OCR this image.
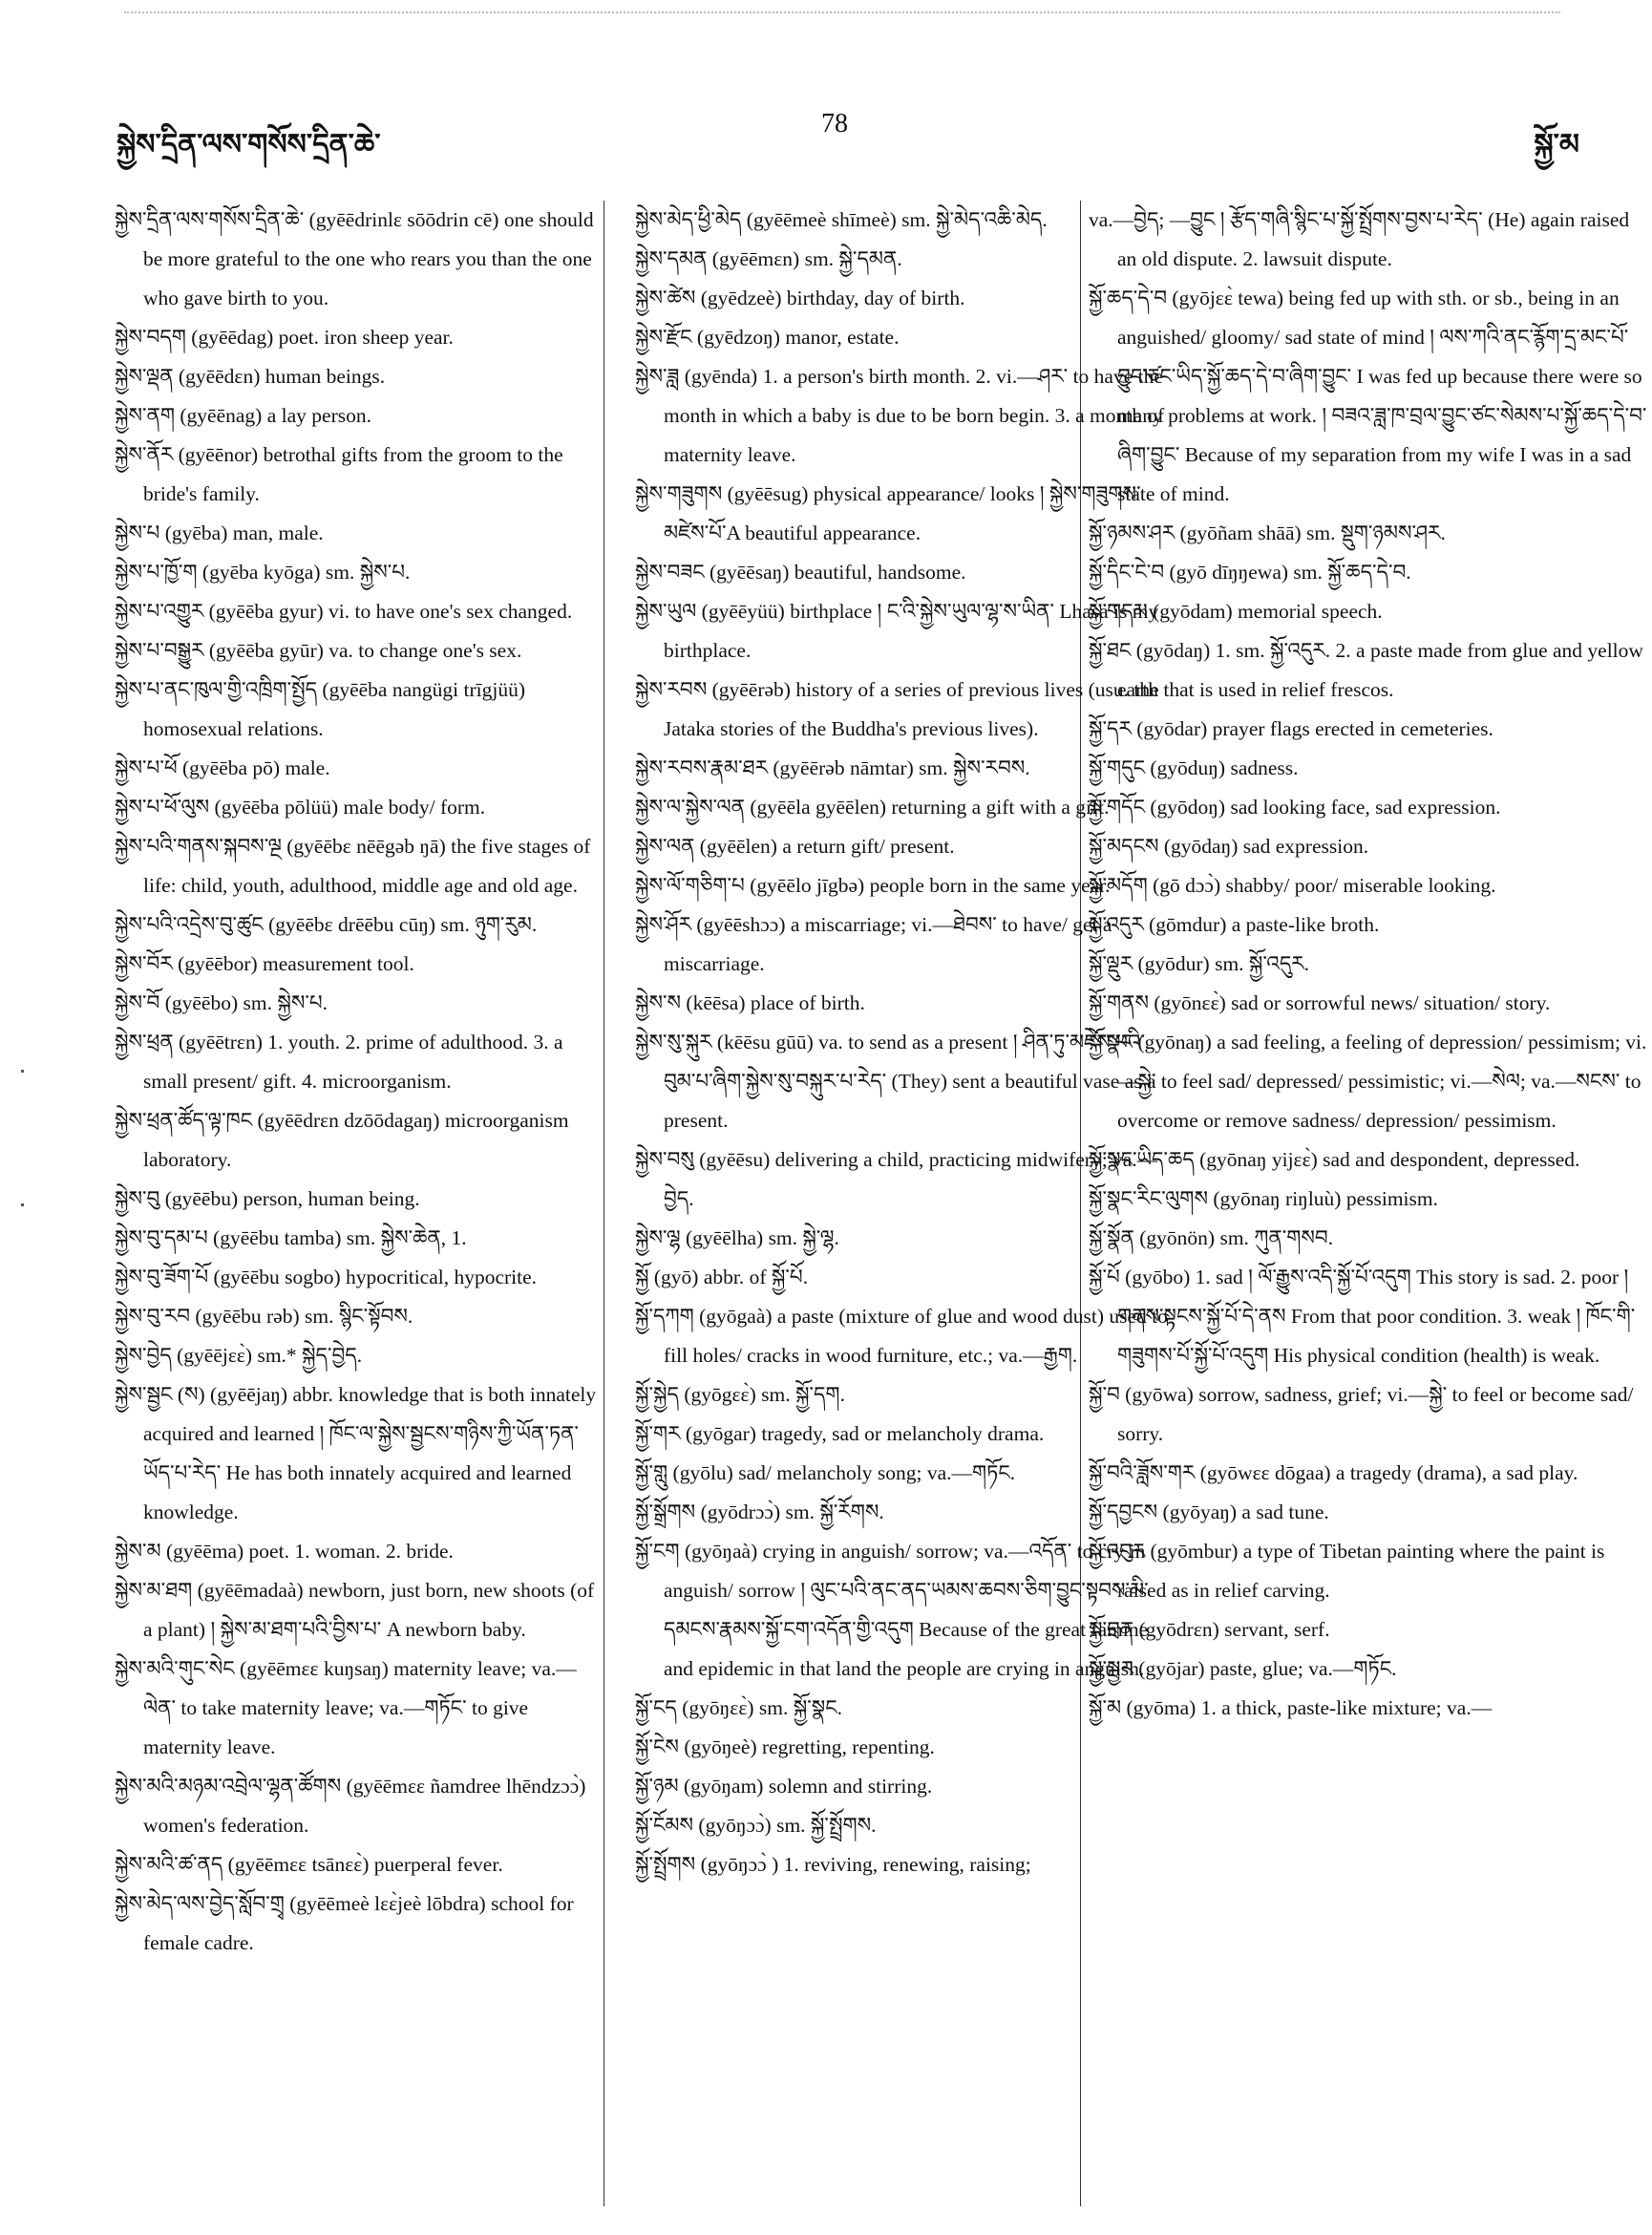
སྐྱེས་དྲིན་ལས་གསོས་དྲིན་ཆེ་
78
སྐྱོ་མ

སྐྱེས་དྲིན་ལས་གསོས་དྲིན་ཆེ་ (gyēēdrinlɛ sōōdrin cē) one should be more grateful to the one who rears you than the one who gave birth to you.

སྐྱེས་བདག (gyēēdag) poet. iron sheep year.

སྐྱེས་ལྡན (gyēēdɛn) human beings.

སྐྱེས་ནག (gyēēnag) a lay person.

སྐྱེས་ནོར (gyēēnor) betrothal gifts from the groom to the bride's family.

སྐྱེས་པ (gyēba) man, male.

སྐྱེས་པ་ཁྱོ་ག (gyēba kyōga) sm. སྐྱེས་པ.

སྐྱེས་པ་འགྱུར (gyēēba gyur) vi. to have one's sex changed.

སྐྱེས་པ་བསྒྱུར (gyēēba gyūr) va. to change one's sex.

སྐྱེས་པ་ནང་ཁུལ་གྱི་འཁྲིག་སྤྱོད (gyēēba nangügi trīgjüü) homosexual relations.

སྐྱེས་པ་ཕོ (gyēēba pō) male.

སྐྱེས་པ་ཕོ་ལུས (gyēēba pōlüü) male body/ form.

སྐྱེས་པའི་གནས་སྐབས་ལྔ (gyēēbɛ nēēgəb ŋā) the five stages of life: child, youth, adulthood, middle age and old age.

སྐྱེས་པའི་འདྲེས་བུ་ཚུང (gyēēbɛ drēēbu cūŋ) sm. ཉུག་རུམ.

སྐྱེས་བོར (gyēēbor) measurement tool.

སྐྱེས་བོ (gyēēbo) sm. སྐྱེས་པ.

སྐྱེས་ཕྲན (gyēētrɛn) 1. youth. 2. prime of adulthood. 3. a small present/ gift. 4. microorganism.

སྐྱེས་ཕྲན་ཚོད་ལྟ་ཁང (gyēēdrɛn dzōōdagaŋ) microorganism laboratory.

སྐྱེས་བུ (gyēēbu) person, human being.

སྐྱེས་བུ་དམ་པ (gyēēbu tamba) sm. སྐྱེས་ཆེན, 1.

སྐྱེས་བུ་ཟོག་པོ (gyēēbu sogbo) hypocritical, hypocrite.

སྐྱེས་བུ་རབ (gyēēbu rəb) sm. སྙིང་སྟོབས.

སྐྱེས་བྱེད (gyēējɛɛ̀) sm.* སྐྱེད་བྱེད.

སྐྱེས་སྦྱང (ས) (gyēējaŋ) abbr. knowledge that is both innately acquired and learned ། ཁོང་ལ་སྐྱེས་སྦྱངས་གཉིས་ཀྱི་ཡོན་ཏན་ཡོད་པ་རེད་ He has both innately acquired and learned knowledge.

སྐྱེས་མ (gyēēma) poet. 1. woman. 2. bride.

སྐྱེས་མ་ཐག (gyēēmadaà) newborn, just born, new shoots (of a plant) ། སྐྱེས་མ་ཐག་པའི་བྱིས་པ་ A newborn baby.

སྐྱེས་མའི་གུང་སེང (gyēēmɛɛ kuŋsaŋ) maternity leave; va.—ལེན་ to take maternity leave; va.—གཏོང་ to give maternity leave.

སྐྱེས་མའི་མཉམ་འབྲེལ་ལྷན་ཚོགས (gyēēmɛɛ ñamdree lhēndzɔɔ̀) women's federation.

སྐྱེས་མའི་ཚ་ནད (gyēēmɛɛ tsānɛɛ̀) puerperal fever.

སྐྱེས་མེད་ལས་བྱེད་སློབ་གྲྭ (gyēēmeè lɛɛ̀jeè lōbdra) school for female cadre.

སྐྱེས་མེད་ཕྱི་མེད (gyēēmeè shīmeè) sm. སྐྱེ་མེད་འཆི་མེད.

སྐྱེས་དམན (gyēēmɛn) sm. སྐྱེ་དམན.

སྐྱེས་ཚེས (gyēdzeè) birthday, day of birth.

སྐྱེས་རྫོང (gyēdzoŋ) manor, estate.

སྐྱེས་ཟླ (gyēnda) 1. a person's birth month. 2. vi.—ཤར་ to have the month in which a baby is due to be born begin. 3. a month of maternity leave.

སྐྱེས་གཟུགས (gyēēsug) physical appearance/ looks ། སྐྱེས་གཟུགས་མཛེས་པོ་A beautiful appearance.

སྐྱེས་བཟང (gyēēsaŋ) beautiful, handsome.

སྐྱེས་ཡུལ (gyēēyüü) birthplace ། ང་འི་སྐྱེས་ཡུལ་ལྷ་ས་ཡིན་ Lhasa is my birthplace.

སྐྱེས་རབས (gyēērəb) history of a series of previous lives (usu. the Jataka stories of the Buddha's previous lives).

སྐྱེས་རབས་རྣམ་ཐར (gyēērəb nāmtar) sm. སྐྱེས་རབས.

སྐྱེས་ལ་སྐྱེས་ལན (gyēēla gyēēlen) returning a gift with a gift.

སྐྱེས་ལན (gyēēlen) a return gift/ present.

སྐྱེས་ལོ་གཅིག་པ (gyēēlo jīgbə) people born in the same year.

སྐྱེས་ཤོར (gyēēshɔɔ) a miscarriage; vi.—ཐེབས་ to have/ get a miscarriage.

སྐྱེས་ས (kēēsa) place of birth.

སྐྱེས་སུ་སྐུར (kēēsu gūū) va. to send as a present ། ཤིན་ཏུ་མཛེས་པའི་བུམ་པ་ཞིག་སྐྱེས་སུ་བསྐུར་པ་རེད་ (They) sent a beautiful vase as a present.

སྐྱེས་བསུ (gyēēsu) delivering a child, practicing midwifery; va.—བྱེད.

སྐྱེས་ལྷ (gyēēlha) sm. སྐྱེ་ལྷ.

སྐྱོ (gyō) abbr. of སྐྱོ་པོ.

སྐྱོ་དཀག (gyōgaà) a paste (mixture of glue and wood dust) used to fill holes/ cracks in wood furniture, etc.; va.—རྒྱག.

སྐྱོ་སྐྱེད (gyōgɛɛ̀) sm. སྐྱོ་དག.

སྐྱོ་གར (gyōgar) tragedy, sad or melancholy drama.

སྐྱོ་གླུ (gyōlu) sad/ melancholy song; va.—གཏོང.

སྐྱོ་སྒྲོགས (gyōdrɔɔ̀) sm. སྐྱོ་རོགས.

སྐྱོ་ངག (gyōŋaà) crying in anguish/ sorrow; va.—འདོན་ to cry in anguish/ sorrow ། ལུང་པའི་ནང་ནད་ཡམས་ཆབས་ཅིག་བྱུང་སྟབས་མི་དམངས་རྣམས་སྐྱོ་ངག་འདོན་གྱི་འདུག Because of the great famine and epidemic in that land the people are crying in anguish.

སྐྱོ་ངད (gyōŋɛɛ̀) sm. སྐྱོ་སྣང.

སྐྱོ་ངེས (gyōŋeè) regretting, repenting.

སྐྱོ་ཉམ (gyōŋam) solemn and stirring.

སྐྱོ་ངོམས (gyōŋɔɔ̀) sm. སྐྱོ་སྤྲོགས.

སྐྱོ་སྤྲོགས (gyōŋɔɔ̀ ) 1. reviving, renewing, raising;

va.—བྱེད; —བྱུང ། རྩོད་གཞི་སྙིང་པ་སྐྱོ་སྤྲོགས་བྱས་པ་རེད་ (He) again raised an old dispute. 2. lawsuit dispute.

སྐྱོ་ཆད་དེ་བ (gyōjɛɛ̀ tewa) being fed up with sth. or sb., being in an anguished/ gloomy/ sad state of mind ། ལས་ཀའི་ནང་རྙོག་དྲ་མང་པོ་བྱུང་ཙང་ཡིད་སྐྱོ་ཆད་དེ་བ་ཞིག་བྱུང་ I was fed up because there were so many problems at work. ། བཟའ་ཟླ་ཁ་བྲལ་བྱུང་ཙང་སེམས་པ་སྐྱོ་ཆད་དེ་བ་ཞིག་བྱུང་ Because of my separation from my wife I was in a sad state of mind.

སྐྱོ་ཉམས་ཤར (gyōñam shāā) sm. སྡུག་ཉམས་ཤར.

སྐྱོ་དིང་ངེ་བ (gyō dīŋŋewa) sm. སྐྱོ་ཆད་དེ་བ.

སྐྱོ་གདམ (gyōdam) memorial speech.

སྐྱོ་ཐང (gyōdaŋ) 1. sm. སྐྱོ་འདུར. 2. a paste made from glue and yellow earth that is used in relief frescos.

སྐྱོ་དར (gyōdar) prayer flags erected in cemeteries.

སྐྱོ་གདུང (gyōduŋ) sadness.

སྐྱོ་གདོང (gyōdoŋ) sad looking face, sad expression.

སྐྱོ་མདངས (gyōdaŋ) sad expression.

སྐྱོ་མདོག (gō dɔɔ̀) shabby/ poor/ miserable looking.

སྐྱོ་འདུར (gōmdur) a paste-like broth.

སྐྱོ་ལྡུར (gyōdur) sm. སྐྱོ་འདུར.

སྐྱོ་གནས (gyōnɛɛ̀) sad or sorrowful news/ situation/ story.

སྐྱོ་སྣང (gyōnaŋ) a sad feeling, a feeling of depression/ pessimism; vi.—སྐྱེ་ to feel sad/ depressed/ pessimistic; vi.—སེལ; va.—སངས་ to overcome or remove sadness/ depression/ pessimism.

སྐྱོ་སྣང་ཡིད་ཆད (gyōnaŋ yijɛɛ̀) sad and despondent, depressed.

སྐྱོ་སྣང་རིང་ལུགས (gyōnaŋ riŋluù) pessimism.

སྐྱོ་སྣོན (gyōnön) sm. ཀུན་གསབ.

སྐྱོ་པོ (gyōbo) 1. sad ། ལོ་རྒྱུས་འདི་སྐྱོ་པོ་འདུག This story is sad. 2. poor ། གནས་སྟངས་སྐྱོ་པོ་དེ་ནས From that poor condition. 3. weak ། ཁོང་གི་གཟུགས་པོ་སྐྱོ་པོ་འདུག His physical condition (health) is weak.

སྐྱོ་བ (gyōwa) sorrow, sadness, grief; vi.—སྐྱེ་ to feel or become sad/ sorry.

སྐྱོ་བའི་ཟློས་གར (gyōwɛɛ dōgaa) a tragedy (drama), a sad play.

སྐྱོ་དབྱངས (gyōyaŋ) a sad tune.

སྐྱོ་འབུར (gyōmbur) a type of Tibetan painting where the paint is raised as in relief carving.

སྐྱོ་བྲན (gyōdrɛn) servant, serf.

སྐྱོ་སྦྱར (gyōjar) paste, glue; va.—གཏོང.

སྐྱོ་མ (gyōma) 1. a thick, paste-like mixture; va.—
